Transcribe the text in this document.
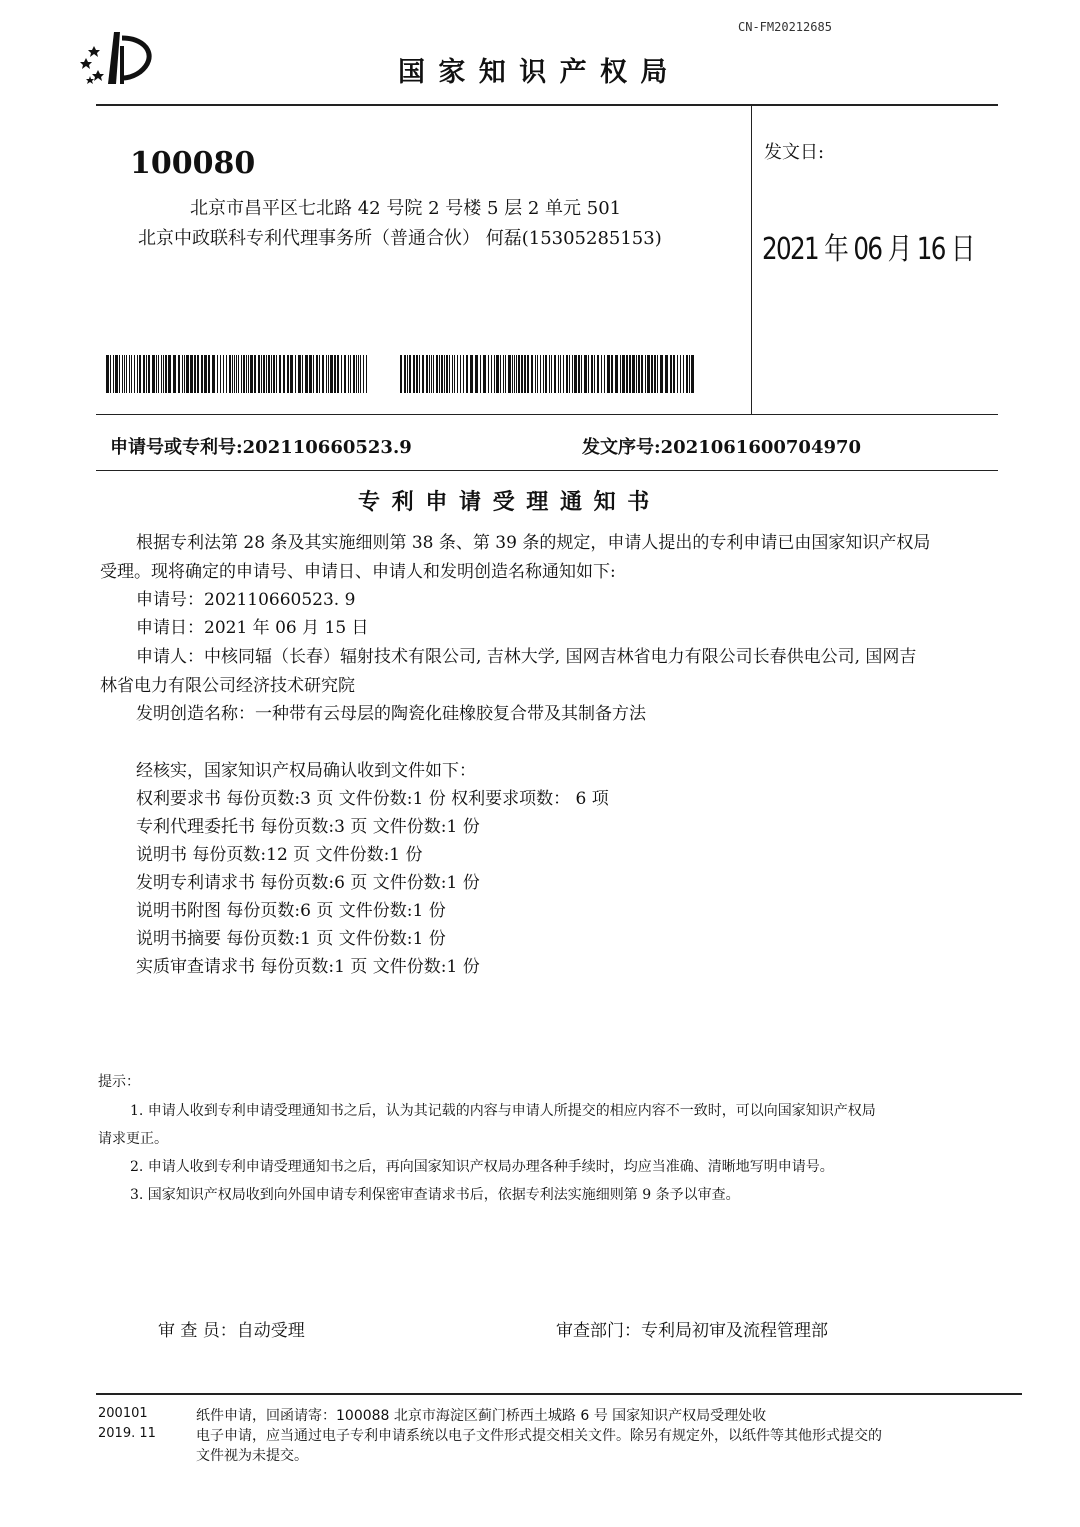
CN-FM20212685
国 家 知 识 产 权 局
100080
北京市昌平区七北路 42 号院 2 号楼 5 层 2 单元 501
北京中政联科专利代理事务所（普通合伙） 何磊(15305285153)
发文日:
2021 年 06 月 16 日
申请号或专利号:202110660523.9	发文序号:2021061600704970
专 利 申 请 受 理 通 知 书
根据专利法第 28 条及其实施细则第 38 条、第 39 条的规定，申请人提出的专利申请已由国家知识产权局
受理。现将确定的申请号、申请日、申请人和发明创造名称通知如下:
申请号：202110660523. 9
申请日：2021 年 06 月 15 日
申请人：中核同辐（长春）辐射技术有限公司, 吉林大学, 国网吉林省电力有限公司长春供电公司, 国网吉
林省电力有限公司经济技术研究院
发明创造名称：一种带有云母层的陶瓷化硅橡胶复合带及其制备方法
经核实，国家知识产权局确认收到文件如下：
权利要求书 每份页数:3 页 文件份数:1 份 权利要求项数： 6 项
专利代理委托书 每份页数:3 页 文件份数:1 份
说明书 每份页数:12 页 文件份数:1 份
发明专利请求书 每份页数:6 页 文件份数:1 份
说明书附图 每份页数:6 页 文件份数:1 份
说明书摘要 每份页数:1 页 文件份数:1 份
实质审查请求书 每份页数:1 页 文件份数:1 份
提示：
1. 申请人收到专利申请受理通知书之后，认为其记载的内容与申请人所提交的相应内容不一致时，可以向国家知识产权局
请求更正。
2. 申请人收到专利申请受理通知书之后，再向国家知识产权局办理各种手续时，均应当准确、清晰地写明申请号。
3. 国家知识产权局收到向外国申请专利保密审查请求书后，依据专利法实施细则第 9 条予以审查。
审 查 员：自动受理	审查部门：专利局初审及流程管理部
200101
2019. 11
纸件申请，回函请寄：100088 北京市海淀区蓟门桥西土城路 6 号 国家知识产权局受理处收
电子申请，应当通过电子专利申请系统以电子文件形式提交相关文件。除另有规定外，以纸件等其他形式提交的
文件视为未提交。
